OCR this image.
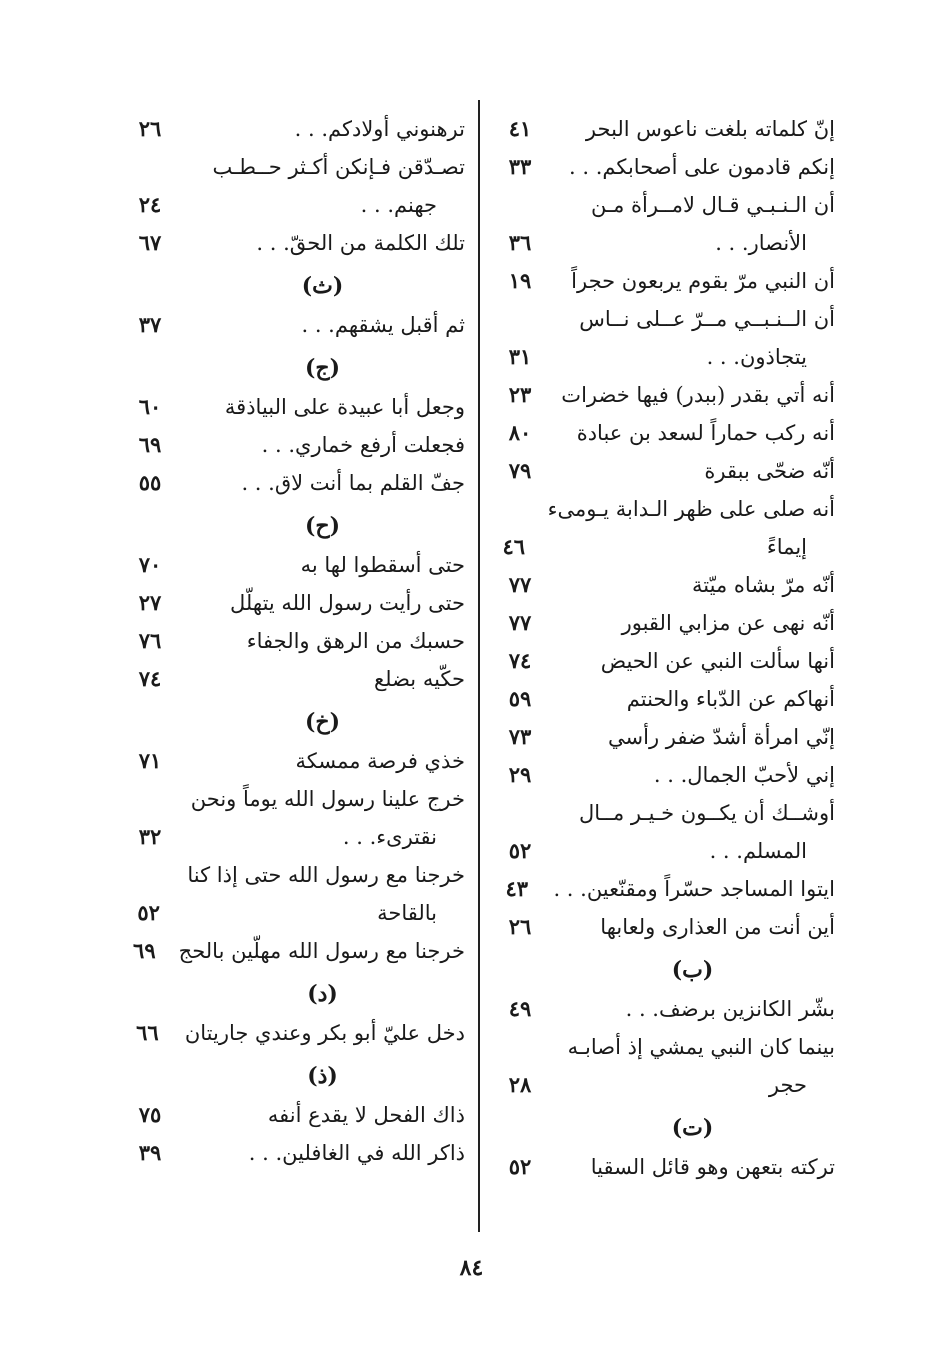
إنّ كلماته بلغت ناعوس البحر
٤١
إنكم قادمون على أصحابكم. . .
٣٣
أن الـنـبـي قـال لامــرأة مـن
الأنصار. . .
٣٦
أن النبي مرّ بقوم يربعون حجراً
١٩
أن الــنـبــي مــرّ عــلى نــاس
يتجاذون. . .
٣١
أنه أتي بقدر (ببدر) فيها خضرات
٢٣
أنه ركب حماراً لسعد بن عبادة
٨٠
أنّه ضحّى ببقرة
٧٩
أنه صلى على ظهر الـدابة يـومىء
إيماءً
٤٦
أنّه مرّ بشاه ميّتة
٧٧
أنّه نهى عن مزابي القبور
٧٧
أنها سألت النبي عن الحيض
٧٤
أنهاكم عن الدّباء والحنتم
٥٩
إنّي امرأة أشدّ ضفر رأسي
٧٣
إني لأحبّ الجمال. . .
٢٩
أوشــك أن يكــون خـيـر مــال
المسلم. . .
٥٢
ايتوا المساجد حسّراً ومقنّعين. . .
٤٣
أين أنت من العذارى ولعابها
٢٦
(ب)
بشّر الكانزين برضف. . .
٤٩
بينما كان النبي يمشي إذ أصابـه
حجر
٢٨
(ت)
تركته بتعهن وهو قائل السقيا
٥٢
ترهنوني أولادكم. . .
٢٦
تصـدّقن فـإنكن أكـثر حــطـب
جهنم. . .
٢٤
تلك الكلمة من الحقّ. . .
٦٧
(ث)
ثم أقبل يشقهم. . .
٣٧
(ج)
وجعل أبا عبيدة على البياذقة
٦٠
فجعلت أرفع خماري. . .
٦٩
جفّ القلم بما أنت لاق. . .
٥٥
(ح)
حتى أسقطوا لها به
٧٠
حتى رأيت رسول الله يتهلّل
٢٧
حسبك من الرهق والجفاء
٧٦
حكّيه بضلع
٧٤
(خ)
خذي فرصة ممسكة
٧١
خرج علينا رسول الله يوماً ونحن
نقترىء. . .
٣٢
خرجنا مع رسول الله حتى إذا كنا
بالقاحة
٥٢
خرجنا مع رسول الله مهلّين بالحج
٦٩
(د)
دخل عليّ أبو بكر وعندي جاريتان
٦٦
(ذ)
ذاك الفحل لا يقدع أنفه
٧٥
ذاكر الله في الغافلين. . .
٣٩
٨٤
